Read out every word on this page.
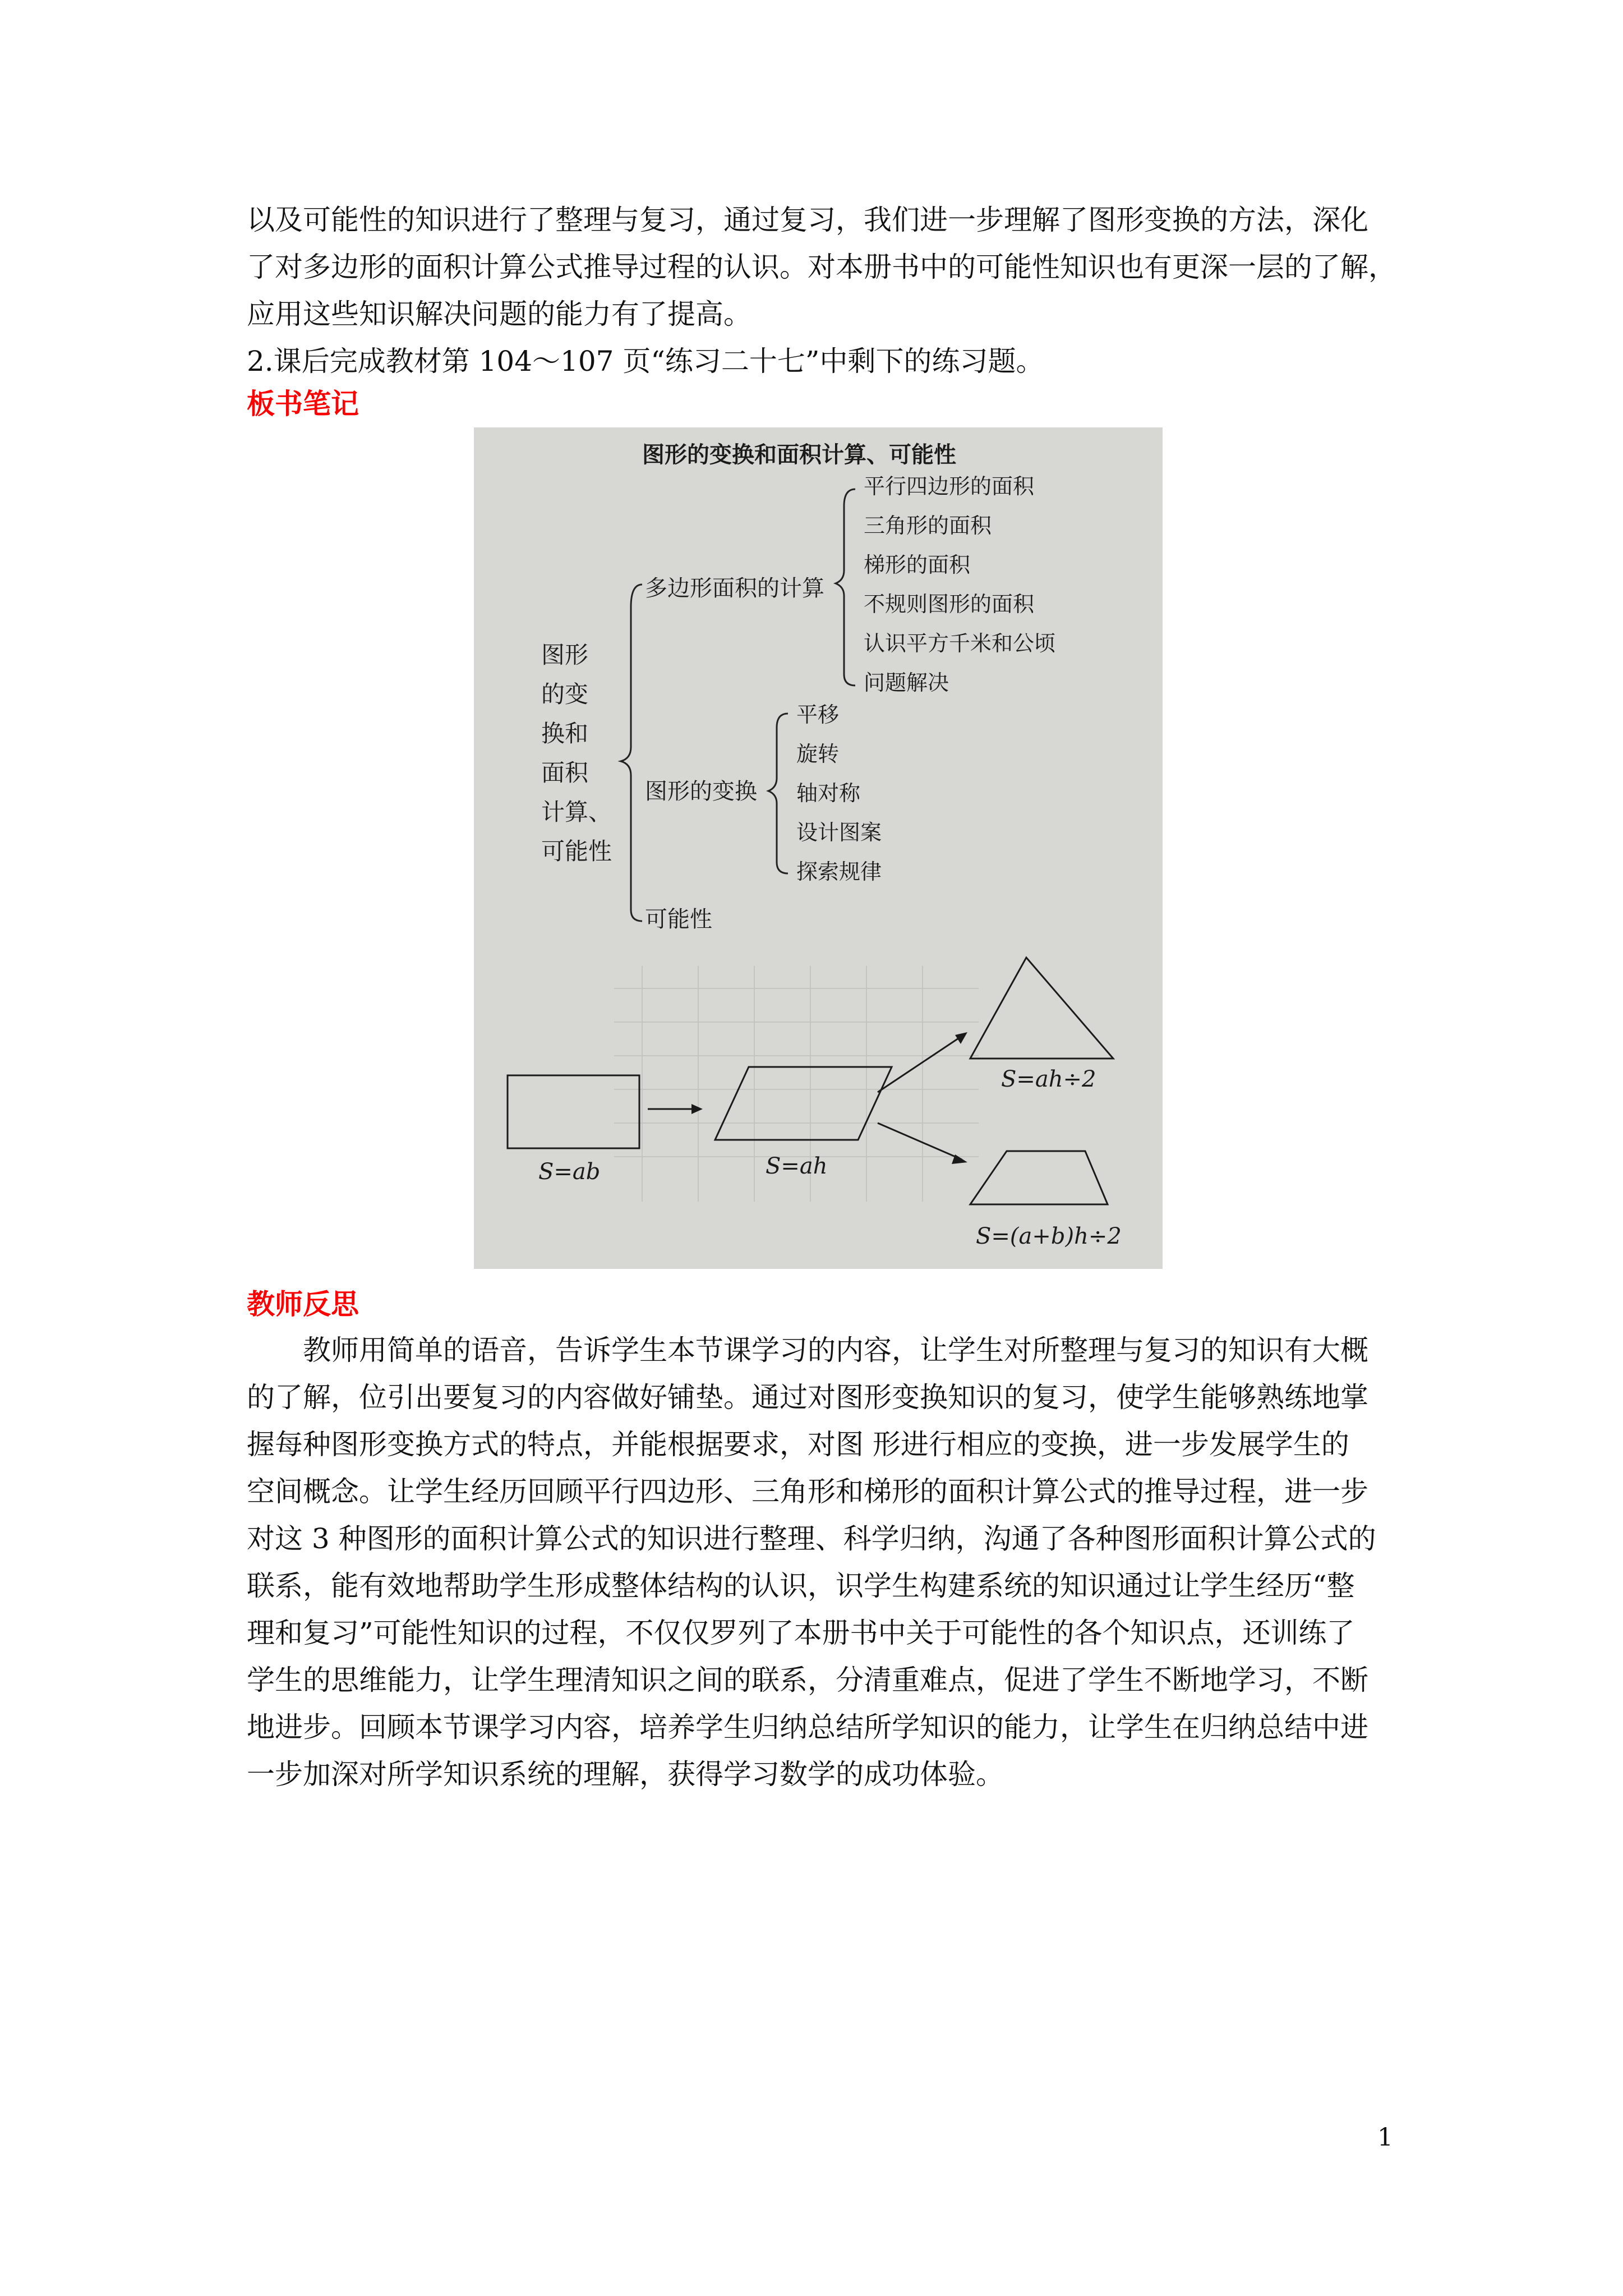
以及可能性的知识进行了整理与复习，通过复习，我们进一步理解了图形变换的方法，深化
了对多边形的面积计算公式推导过程的认识。对本册书中的可能性知识也有更深一层的了解，
应用这些知识解决问题的能力有了提高。
2.课后完成教材第 104～107 页“练习二十七”中剩下的练习题。
板书笔记
图形的变换和面积计算、可能性
图形
的变
换和
面积
计算、
可能性
多边形面积的计算
平行四边形的面积
三角形的面积
梯形的面积
不规则图形的面积
认识平方千米和公顷
问题解决
图形的变换
平移
旋转
轴对称
设计图案
探索规律
可能性
S=ab	S=ah
S=ah÷2
S=(a+b)h÷2
教师反思
教师用简单的语音，告诉学生本节课学习的内容，让学生对所整理与复习的知识有大概
的了解，位引出要复习的内容做好铺垫。通过对图形变换知识的复习，使学生能够熟练地掌
握每种图形变换方式的特点，并能根据要求，对图 形进行相应的变换，进一步发展学生的
空间概念。让学生经历回顾平行四边形、三角形和梯形的面积计算公式的推导过程，进一步
对这 3 种图形的面积计算公式的知识进行整理、科学归纳，沟通了各种图形面积计算公式的
联系，能有效地帮助学生形成整体结构的认识，识学生构建系统的知识通过让学生经历“整
理和复习”可能性知识的过程，不仅仅罗列了本册书中关于可能性的各个知识点，还训练了
学生的思维能力，让学生理清知识之间的联系，分清重难点，促进了学生不断地学习，不断
地进步。回顾本节课学习内容，培养学生归纳总结所学知识的能力，让学生在归纳总结中进
一步加深对所学知识系统的理解，获得学习数学的成功体验。
1
